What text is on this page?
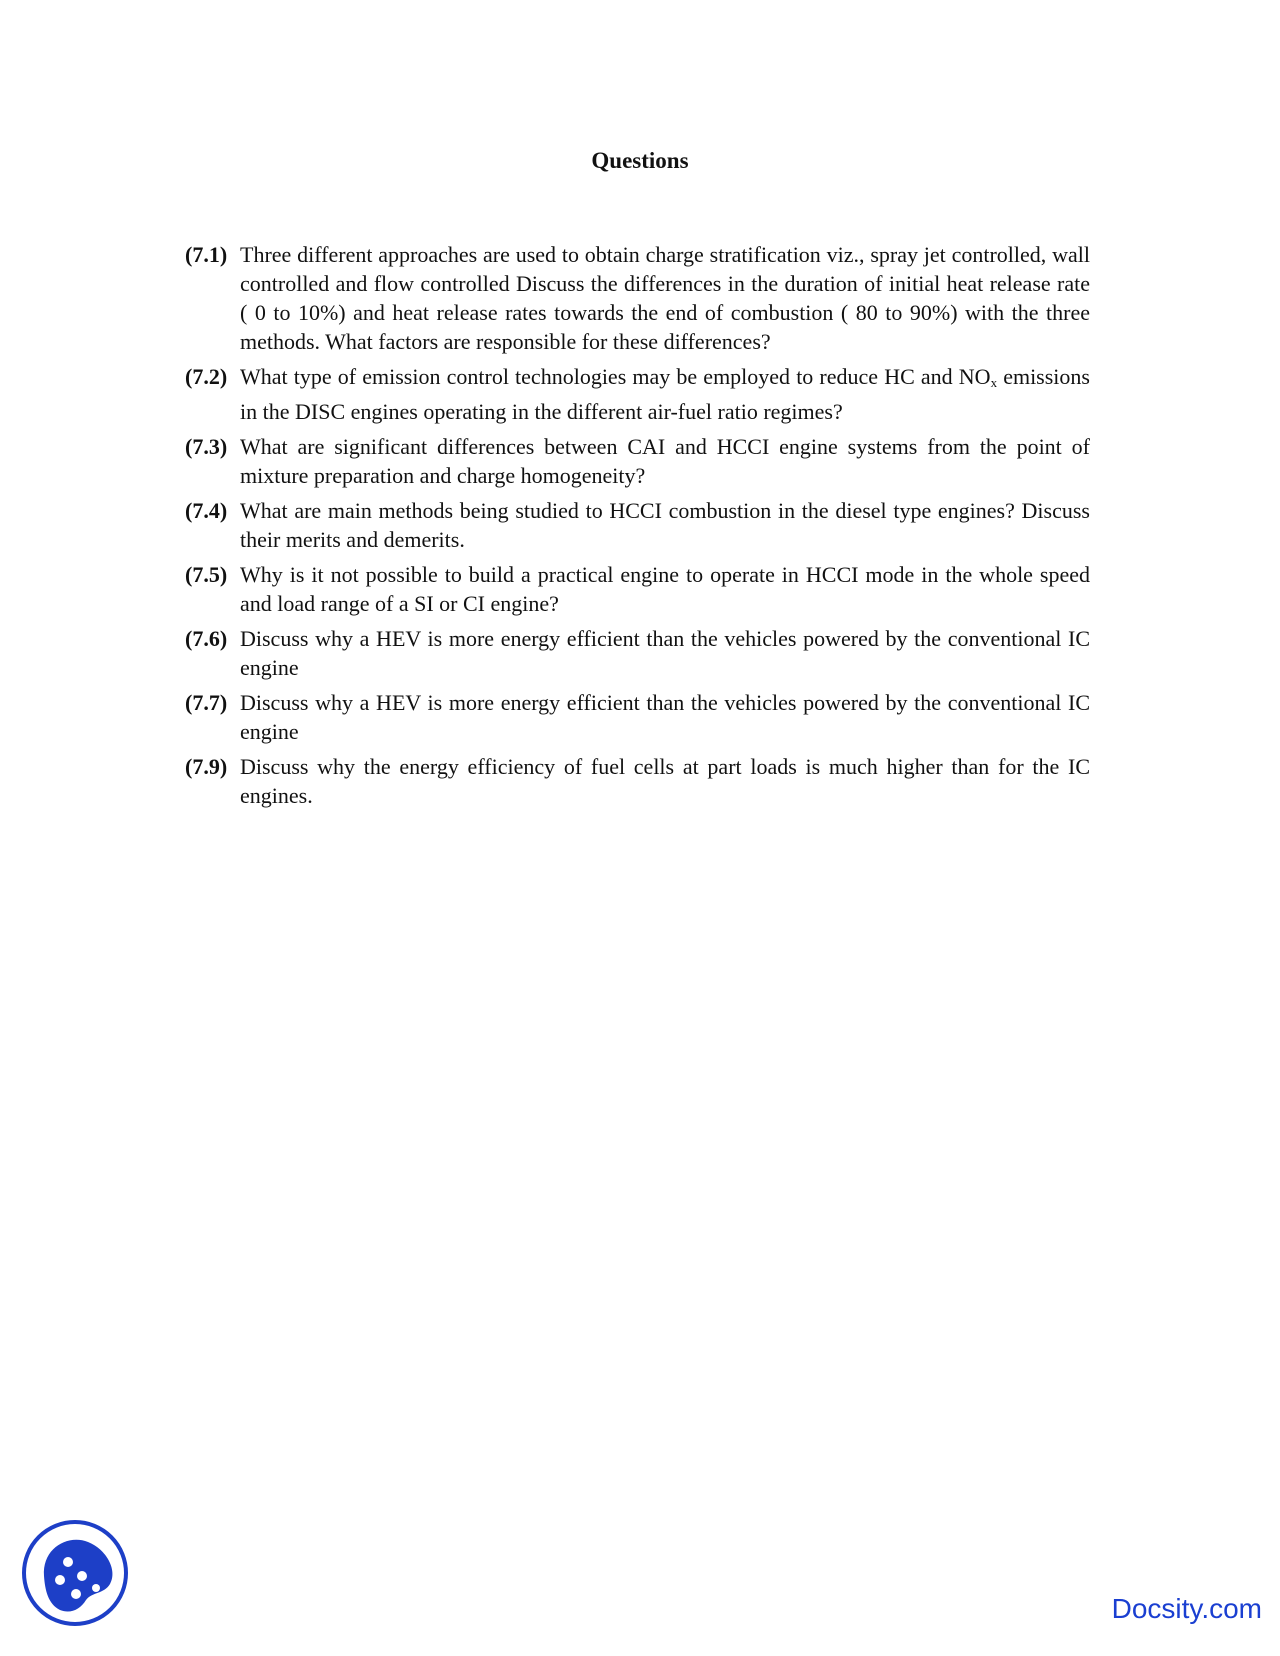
Questions
(7.1) Three different approaches are used to obtain charge stratification viz., spray jet controlled, wall controlled and flow controlled Discuss the differences in the duration of initial heat release rate ( 0 to 10%) and heat release rates towards the end of combustion ( 80 to 90%) with the three methods. What factors are responsible for these differences?
(7.2) What type of emission control technologies may be employed to reduce HC and $NO_x$ emissions in the DISC engines operating in the different air-fuel ratio regimes?
(7.3) What are significant differences between CAI and HCCI engine systems from the point of mixture preparation and charge homogeneity?
(7.4) What are main methods being studied to HCCI combustion in the diesel type engines? Discuss their merits and demerits.
(7.5) Why is it not possible to build a practical engine to operate in HCCI mode in the whole speed and load range of a SI or CI engine?
(7.6) Discuss why a HEV is more energy efficient than the vehicles powered by the conventional IC engine
(7.7) Discuss why a HEV is more energy efficient than the vehicles powered by the conventional IC engine
(7.9) Discuss why the energy efficiency of fuel cells at part loads is much higher than for the IC engines.
Docsity.com
